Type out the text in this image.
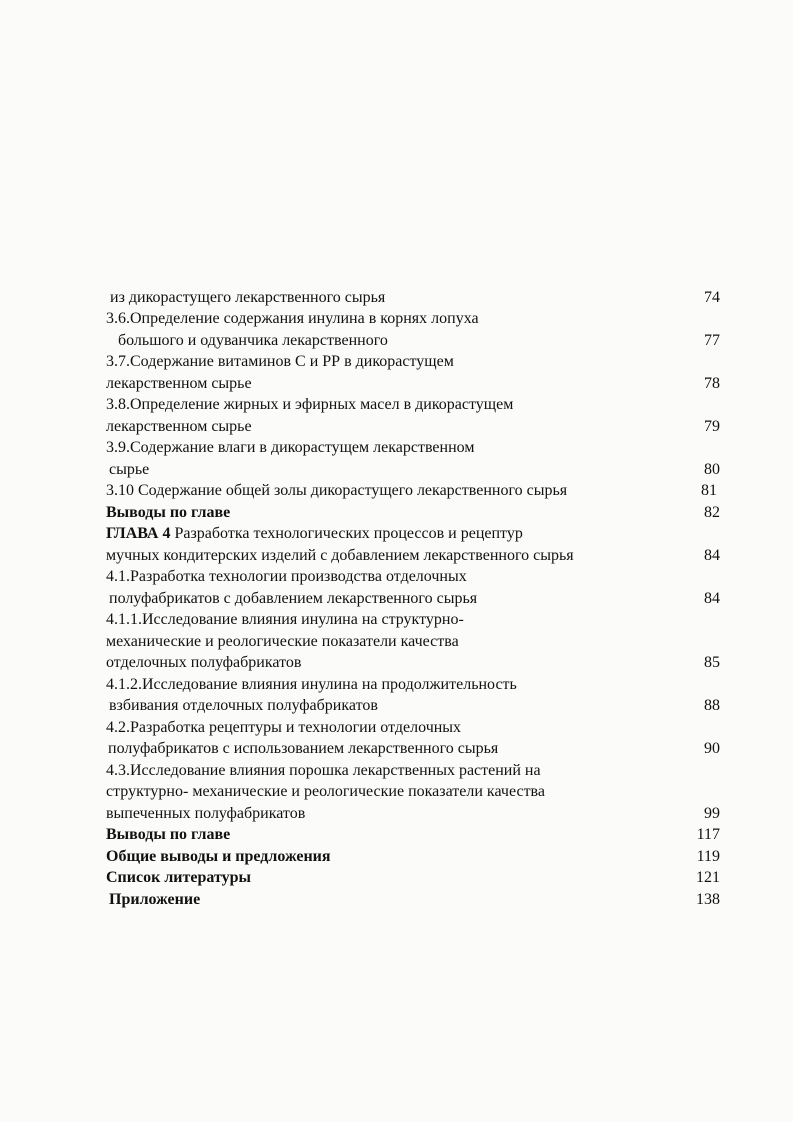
из дикорастущего лекарственного сырья	74
3.6.Определение содержания инулина в корнях лопуха
большого и одуванчика лекарственного	77
3.7.Содержание витаминов С и РР в дикорастущем
лекарственном сырье	78
3.8.Определение жирных и эфирных масел в дикорастущем
лекарственном сырье	79
3.9.Содержание влаги в дикорастущем лекарственном
сырье	80
3.10 Содержание общей золы дикорастущего лекарственного сырья	81
Выводы по главе	82
ГЛАВА 4 Разработка технологических процессов и рецептур
мучных кондитерских изделий с добавлением лекарственного сырья	84
4.1.Разработка технологии производства отделочных
полуфабрикатов с добавлением лекарственного сырья	84
4.1.1.Исследование влияния инулина на структурно-
механические и реологические показатели качества
отделочных полуфабрикатов	85
4.1.2.Исследование влияния инулина на продолжительность
взбивания отделочных полуфабрикатов	88
4.2.Разработка рецептуры и технологии отделочных
полуфабрикатов с использованием лекарственного сырья	90
4.3.Исследование влияния порошка лекарственных растений на
структурно- механические и реологические показатели качества
выпеченных полуфабрикатов	99
Выводы по главе	117
Общие выводы и предложения	119
Список литературы	121
Приложение	138
